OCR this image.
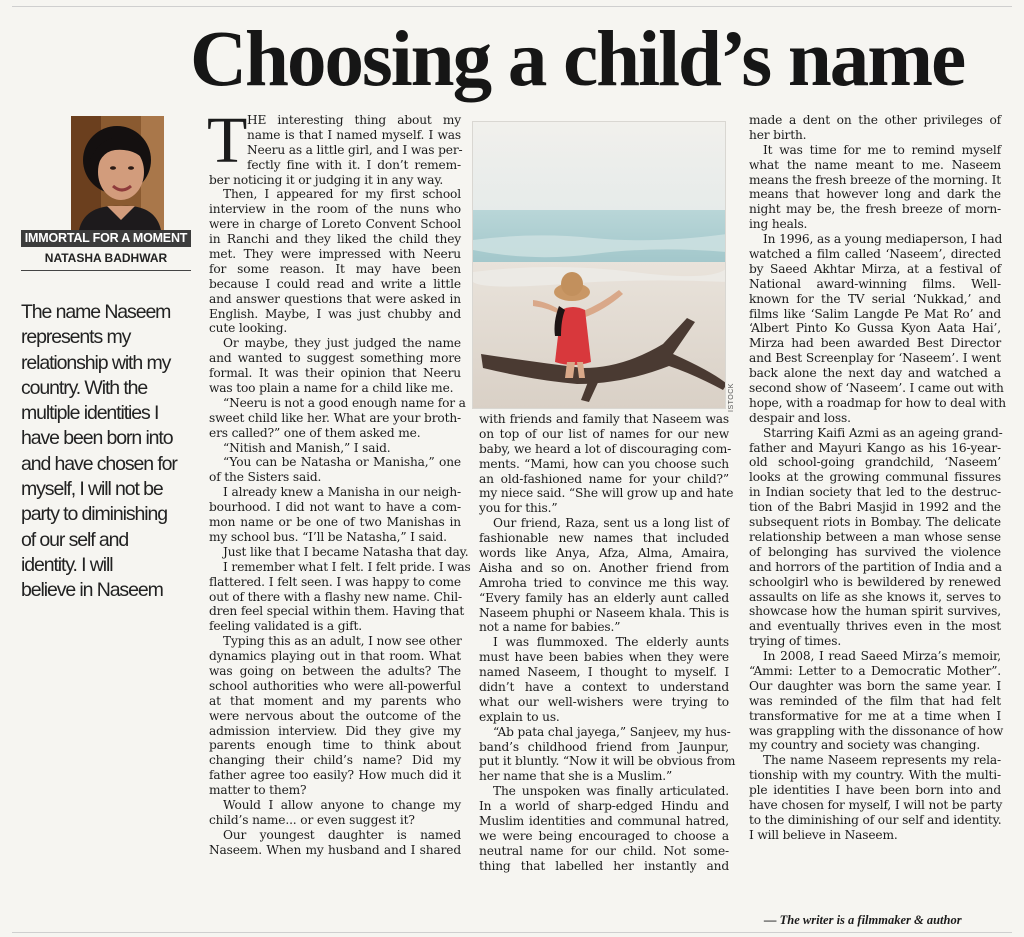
Choosing a child’s name
IMMORTAL FOR A MOMENT
NATASHA BADHWAR
The name Naseem
represents my
relationship with my
country. With the
multiple identities I
have been born into
and have chosen for
myself, I will not be
party to diminishing
of our self and
identity. I will
believe in Naseem
T HE interesting thing about my
name is that I named myself. I was
Neeru as a little girl, and I was per-
fectly fine with it. I don’t remem-
ber noticing it or judging it in any way.
Then, I appeared for my first school
interview in the room of the nuns who
were in charge of Loreto Convent School
in Ranchi and they liked the child they
met. They were impressed with Neeru
for some reason. It may have been
because I could read and write a little
and answer questions that were asked in
English. Maybe, I was just chubby and
cute looking.
Or maybe, they just judged the name
and wanted to suggest something more
formal. It was their opinion that Neeru
was too plain a name for a child like me.
“Neeru is not a good enough name for a
sweet child like her. What are your broth-
ers called?” one of them asked me.
“Nitish and Manish,” I said.
“You can be Natasha or Manisha,” one
of the Sisters said.
I already knew a Manisha in our neigh-
bourhood. I did not want to have a com-
mon name or be one of two Manishas in
my school bus. “I’ll be Natasha,” I said.
Just like that I became Natasha that day.
I remember what I felt. I felt pride. I was
flattered. I felt seen. I was happy to come
out of there with a flashy new name. Chil-
dren feel special within them. Having that
feeling validated is a gift.
Typing this as an adult, I now see other
dynamics playing out in that room. What
was going on between the adults? The
school authorities who were all-powerful
at that moment and my parents who
were nervous about the outcome of the
admission interview. Did they give my
parents enough time to think about
changing their child’s name? Did my
father agree too easily? How much did it
matter to them?
Would I allow anyone to change my
child’s name... or even suggest it?
Our youngest daughter is named
Naseem. When my husband and I shared
ISTOCK
with friends and family that Naseem was
on top of our list of names for our new
baby, we heard a lot of discouraging com-
ments. “Mami, how can you choose such
an old-fashioned name for your child?”
my niece said. “She will grow up and hate
you for this.”
Our friend, Raza, sent us a long list of
fashionable new names that included
words like Anya, Afza, Alma, Amaira,
Aisha and so on. Another friend from
Amroha tried to convince me this way.
“Every family has an elderly aunt called
Naseem phuphi or Naseem khala. This is
not a name for babies.”
I was flummoxed. The elderly aunts
must have been babies when they were
named Naseem, I thought to myself. I
didn’t have a context to understand
what our well-wishers were trying to
explain to us.
“Ab pata chal jayega,” Sanjeev, my hus-
band’s childhood friend from Jaunpur,
put it bluntly. “Now it will be obvious from
her name that she is a Muslim.”
The unspoken was finally articulated.
In a world of sharp-edged Hindu and
Muslim identities and communal hatred,
we were being encouraged to choose a
neutral name for our child. Not some-
thing that labelled her instantly and
made a dent on the other privileges of
her birth.
It was time for me to remind myself
what the name meant to me. Naseem
means the fresh breeze of the morning. It
means that however long and dark the
night may be, the fresh breeze of morn-
ing heals.
In 1996, as a young mediaperson, I had
watched a film called ‘Naseem’, directed
by Saeed Akhtar Mirza, at a festival of
National award-winning films. Well-
known for the TV serial ‘Nukkad,’ and
films like ‘Salim Langde Pe Mat Ro’ and
‘Albert Pinto Ko Gussa Kyon Aata Hai’,
Mirza had been awarded Best Director
and Best Screenplay for ‘Naseem’. I went
back alone the next day and watched a
second show of ‘Naseem’. I came out with
hope, with a roadmap for how to deal with
despair and loss.
Starring Kaifi Azmi as an ageing grand-
father and Mayuri Kango as his 16-year-
old school-going grandchild, ‘Naseem’
looks at the growing communal fissures
in Indian society that led to the destruc-
tion of the Babri Masjid in 1992 and the
subsequent riots in Bombay. The delicate
relationship between a man whose sense
of belonging has survived the violence
and horrors of the partition of India and a
schoolgirl who is bewildered by renewed
assaults on life as she knows it, serves to
showcase how the human spirit survives,
and eventually thrives even in the most
trying of times.
In 2008, I read Saeed Mirza’s memoir,
“Ammi: Letter to a Democratic Mother”.
Our daughter was born the same year. I
was reminded of the film that had felt
transformative for me at a time when I
was grappling with the dissonance of how
my country and society was changing.
The name Naseem represents my rela-
tionship with my country. With the multi-
ple identities I have been born into and
have chosen for myself, I will not be party
to the diminishing of our self and identity.
I will believe in Naseem.
— The writer is a filmmaker & author
